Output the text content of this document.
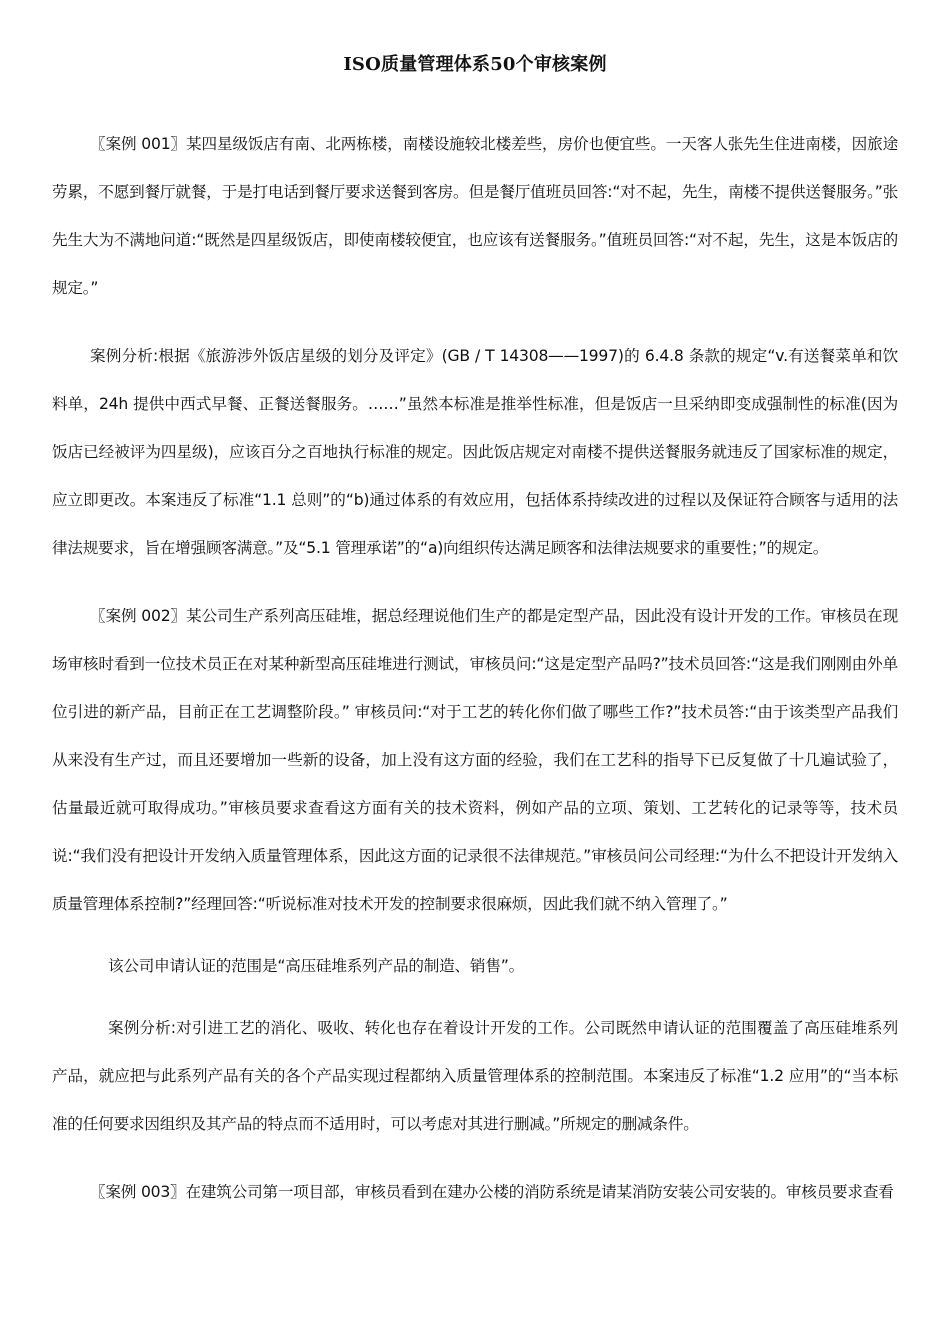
ISO质量管理体系50个审核案例

〖案例 001〗某四星级饭店有南、北两栋楼，南楼设施较北楼差些，房价也便宜些。一天客人张先生住进南楼，因旅途劳累，不愿到餐厅就餐，于是打电话到餐厅要求送餐到客房。但是餐厅值班员回答:“对不起，先生，南楼不提供送餐服务。”张先生大为不满地问道:“既然是四星级饭店，即使南楼较便宜，也应该有送餐服务。”值班员回答:“对不起，先生，这是本饭店的规定。”

案例分析:根据《旅游涉外饭店星级的划分及评定》(GB / T 14308——1997)的 6.4.8 条款的规定“v.有送餐菜单和饮料单，24h 提供中西式早餐、正餐送餐服务。……”虽然本标准是推举性标准，但是饭店一旦采纳即变成强制性的标准(因为饭店已经被评为四星级)，应该百分之百地执行标准的规定。因此饭店规定对南楼不提供送餐服务就违反了国家标准的规定，应立即更改。本案违反了标准“1.1 总则”的“b)通过体系的有效应用，包括体系持续改进的过程以及保证符合顾客与适用的法律法规要求，旨在增强顾客满意。”及“5.1 管理承诺”的“a)向组织传达满足顾客和法律法规要求的重要性；”的规定。

〖案例 002〗某公司生产系列高压硅堆，据总经理说他们生产的都是定型产品，因此没有设计开发的工作。审核员在现场审核时看到一位技术员正在对某种新型高压硅堆进行测试，审核员问:“这是定型产品吗?”技术员回答:“这是我们刚刚由外单位引进的新产品，目前正在工艺调整阶段。” 审核员问:“对于工艺的转化你们做了哪些工作?”技术员答:“由于该类型产品我们从来没有生产过，而且还要增加一些新的设备，加上没有这方面的经验，我们在工艺科的指导下已反复做了十几遍试验了，估量最近就可取得成功。”审核员要求查看这方面有关的技术资料，例如产品的立项、策划、工艺转化的记录等等，技术员说:“我们没有把设计开发纳入质量管理体系，因此这方面的记录很不法律规范。”审核员问公司经理:“为什么不把设计开发纳入质量管理体系控制?”经理回答:“听说标准对技术开发的控制要求很麻烦，因此我们就不纳入管理了。”

该公司申请认证的范围是“高压硅堆系列产品的制造、销售”。

案例分析:对引进工艺的消化、吸收、转化也存在着设计开发的工作。公司既然申请认证的范围覆盖了高压硅堆系列产品，就应把与此系列产品有关的各个产品实现过程都纳入质量管理体系的控制范围。本案违反了标准“1.2 应用”的“当本标准的任何要求因组织及其产品的特点而不适用时，可以考虑对其进行删减。”所规定的删减条件。

〖案例 003〗在建筑公司第一项目部，审核员看到在建办公楼的消防系统是请某消防安装公司安装的。审核员要求查看
